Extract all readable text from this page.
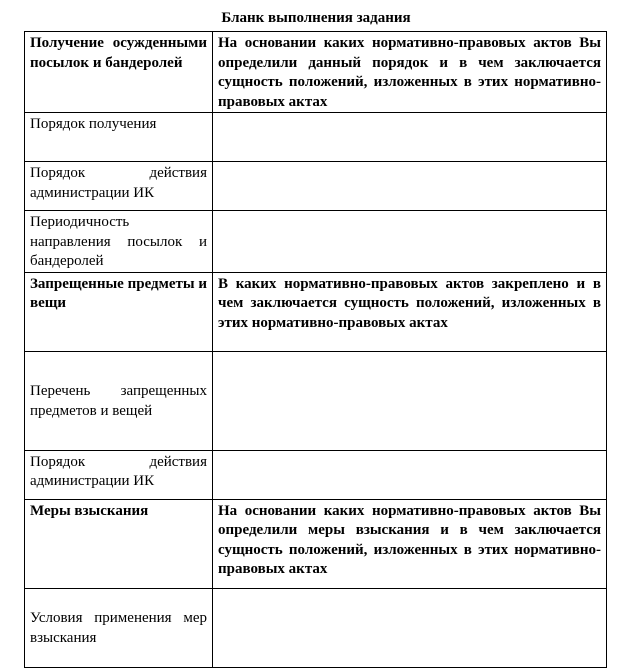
Бланк выполнения задания
Получение осужденными посылок и бандеролей	На основании каких нормативно-правовых актов Вы определили данный порядок и в чем заключается сущность положений, изложенных в этих нормативно-правовых актах
Порядок получения	
Порядок действия администрации ИК	
Периодичность направления посылок и бандеролей	
Запрещенные предметы и вещи	В каких нормативно-правовых актов закреплено и в чем заключается сущность положений, изложенных в этих нормативно-правовых актах
Перечень запрещенных предметов и вещей	
Порядок действия администрации ИК	
Меры взыскания	На основании каких нормативно-правовых актов Вы определили меры взыскания и в чем заключается сущность положений, изложенных в этих нормативно-правовых актах
Условия применения мер взыскания	
